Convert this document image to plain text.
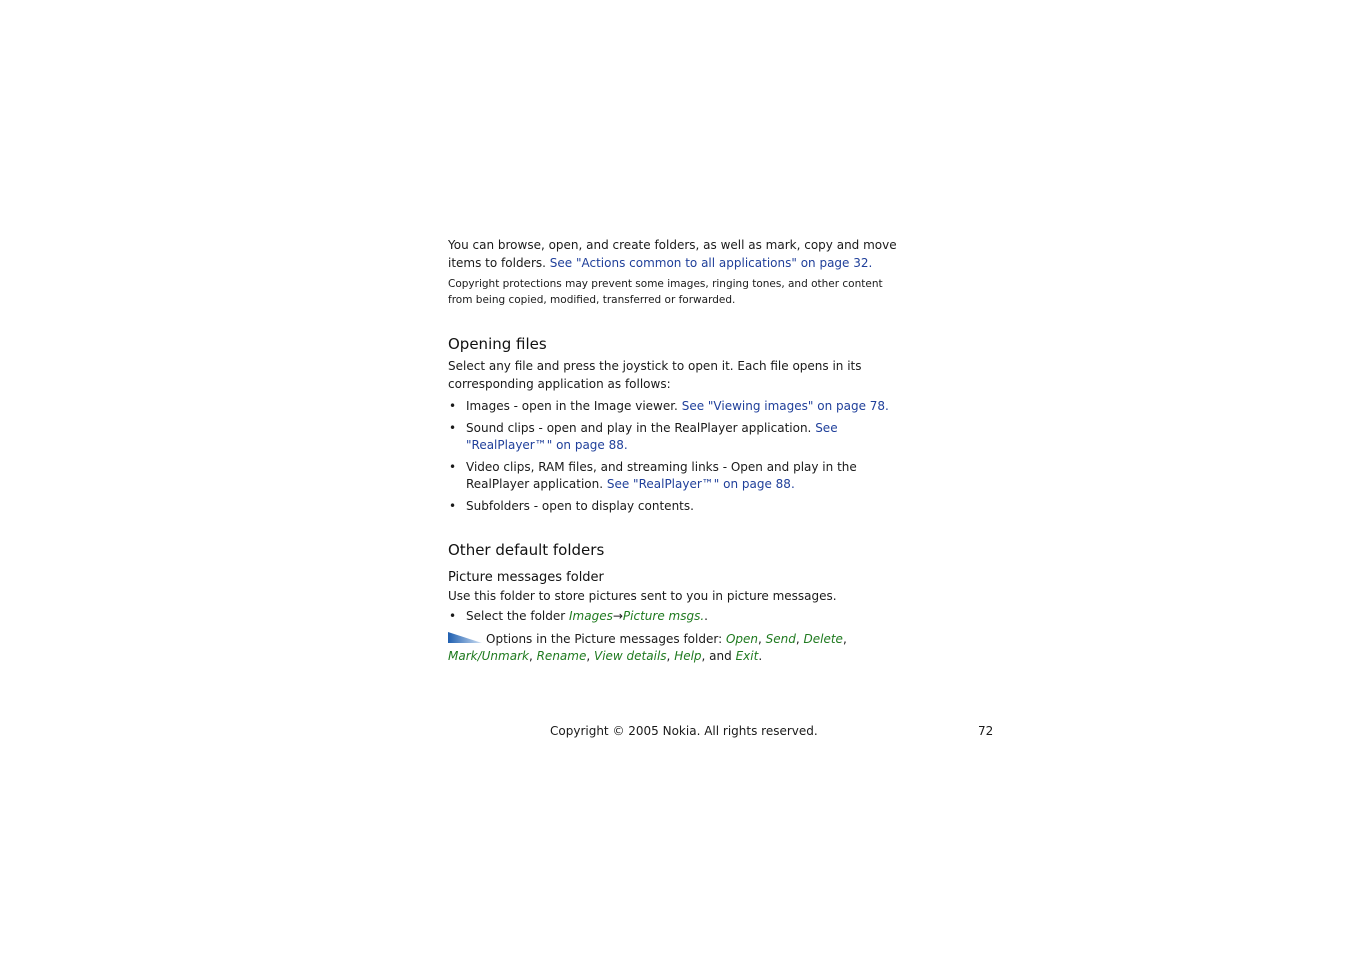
You can browse, open, and create folders, as well as mark, copy and move items to folders. See "Actions common to all applications" on page 32.

Copyright protections may prevent some images, ringing tones, and other content from being copied, modified, transferred or forwarded.

Opening files

Select any file and press the joystick to open it. Each file opens in its corresponding application as follows:

• Images - open in the Image viewer. See "Viewing images" on page 78.
• Sound clips - open and play in the RealPlayer application. See "RealPlayer™" on page 88.
• Video clips, RAM files, and streaming links - Open and play in the RealPlayer application. See "RealPlayer™" on page 88.
• Subfolders - open to display contents.
Other default folders
Picture messages folder

Use this folder to store pictures sent to you in picture messages.

• Select the folder Images→Picture msgs..
Options in the Picture messages folder: Open, Send, Delete, Mark/Unmark, Rename, View details, Help, and Exit.
Copyright © 2005 Nokia. All rights reserved.	72
